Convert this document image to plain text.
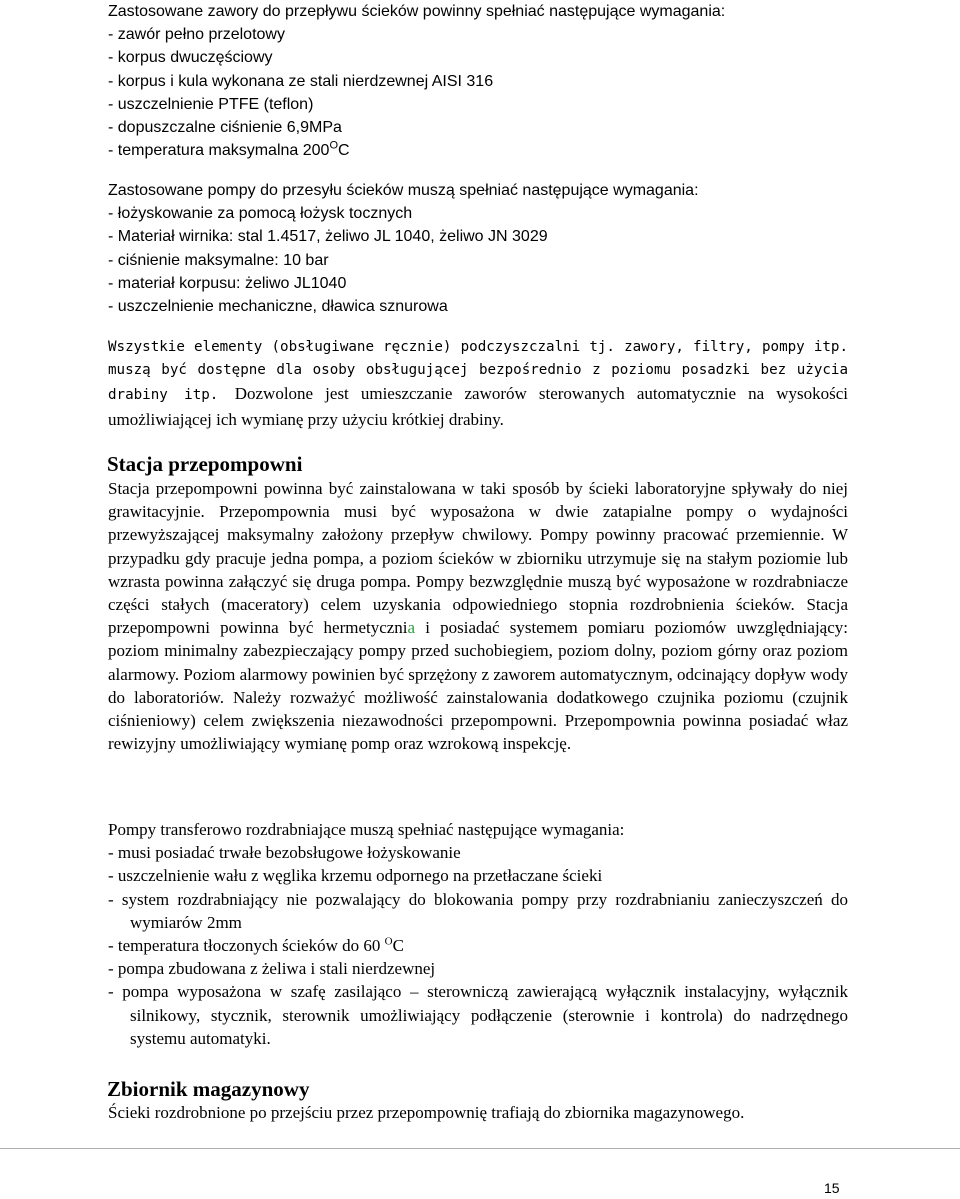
Zastosowane zawory do przepływu ścieków powinny spełniać następujące wymagania:

- zawór pełno przelotowy

- korpus dwuczęściowy

- korpus i kula wykonana ze stali nierdzewnej AISI 316

- uszczelnienie PTFE (teflon)

- dopuszczalne ciśnienie 6,9MPa

- temperatura maksymalna $200^OC$

Zastosowane pompy do przesyłu ścieków muszą spełniać następujące wymagania:

- łożyskowanie za pomocą łożysk tocznych

- Materiał wirnika: stal 1.4517, żeliwo JL 1040, żeliwo JN 3029

- ciśnienie maksymalne: 10 bar

- materiał korpusu: żeliwo JL1040

- uszczelnienie mechaniczne, dławica sznurowa

Wszystkie elementy (obsługiwane ręcznie) podczyszczalni tj. zawory, filtry, pompy itp. muszą być dostępne dla osoby obsługującej bezpośrednio z poziomu posadzki bez użycia drabiny itp. Dozwolone jest umieszczanie zaworów sterowanych automatycznie na wysokości umożliwiającej ich wymianę przy użyciu krótkiej drabiny.

Stacja przepompowni

Stacja przepompowni powinna być zainstalowana w taki sposób by ścieki laboratoryjne spływały do niej grawitacyjnie. Przepompownia musi być wyposażona w dwie zatapialne pompy o wydajności przewyższającej maksymalny założony przepływ chwilowy. Pompy powinny pracować przemiennie. W przypadku gdy pracuje jedna pompa, a poziom ścieków w zbiorniku utrzymuje się na stałym poziomie lub wzrasta powinna załączyć się druga pompa. Pompy bezwzględnie muszą być wyposażone w rozdrabniacze części stałych (maceratory) celem uzyskania odpowiedniego stopnia rozdrobnienia ścieków. Stacja przepompowni powinna być hermetycznia i posiadać systemem pomiaru poziomów uwzględniający: poziom minimalny zabezpieczający pompy przed suchobiegiem, poziom dolny, poziom górny oraz poziom alarmowy. Poziom alarmowy powinien być sprzężony z zaworem automatycznym, odcinający dopływ wody do laboratoriów. Należy rozważyć możliwość zainstalowania dodatkowego czujnika poziomu (czujnik ciśnieniowy) celem zwiększenia niezawodności przepompowni. Przepompownia powinna posiadać właz rewizyjny umożliwiający wymianę pomp oraz wzrokową inspekcję.

Pompy transferowo rozdrabniające muszą spełniać następujące wymagania:

- musi posiadać trwałe bezobsługowe łożyskowanie

- uszczelnienie wału z węglika krzemu odpornego na przetłaczane ścieki

- system rozdrabniający nie pozwalający do blokowania pompy przy rozdrabnianiu zanieczyszczeń do wymiarów 2mm

- temperatura tłoczonych ścieków do 60 $^O$C

- pompa zbudowana z żeliwa i stali nierdzewnej

- pompa wyposażona w szafę zasilająco – sterowniczą zawierającą wyłącznik instalacyjny, wyłącznik silnikowy, stycznik, sterownik umożliwiający podłączenie (sterownie i kontrola) do nadrzędnego systemu automatyki.

Zbiornik magazynowy

Ścieki rozdrobnione po przejściu przez przepompownię trafiają do zbiornika magazynowego.

15
